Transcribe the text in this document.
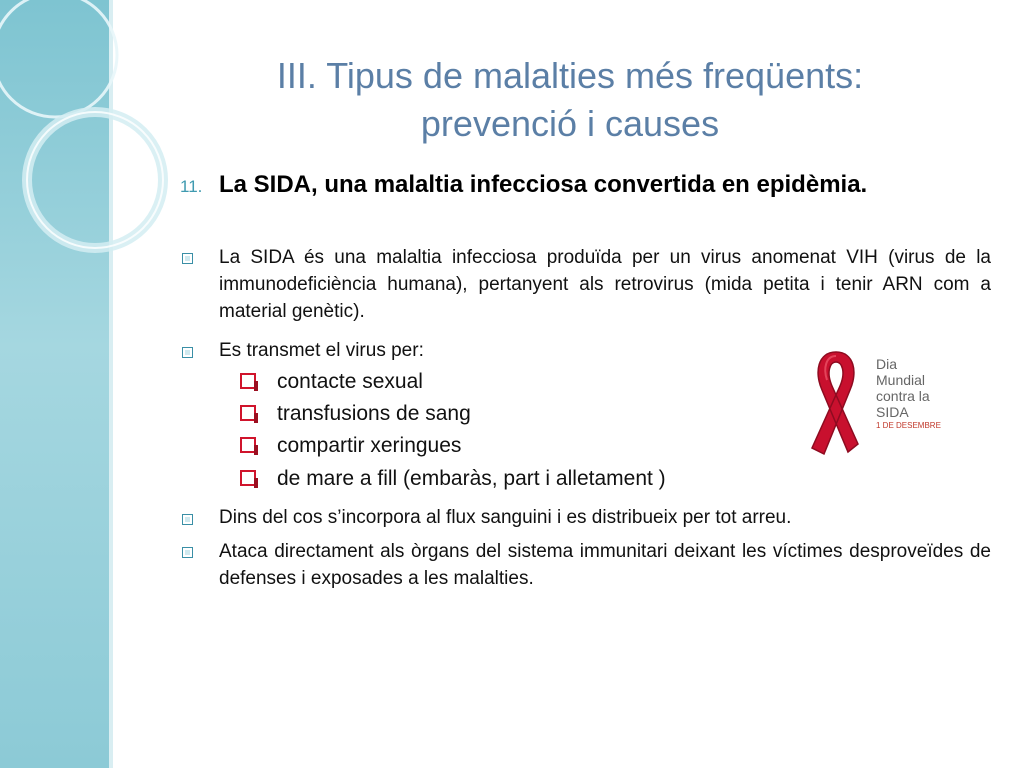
III. Tipus de malalties més freqüents:
prevenció i causes
11. La SIDA, una malaltia infecciosa convertida en epidèmia.
La SIDA és una malaltia infecciosa produïda per un virus anomenat VIH (virus de la immunodeficiència humana), pertanyent als retrovirus (mida petita i tenir ARN com a material genètic).
Es transmet el virus per:
contacte sexual
transfusions de sang
compartir xeringues
de mare a fill (embaràs, part i alletament )
Dins del cos s’incorpora al flux sanguini i es distribueix per tot arreu.
Ataca directament als òrgans del sistema immunitari deixant les víctimes desproveïdes de defenses i exposades a les malalties.
Dia
Mundial
contra la
SIDA
1 DE DESEMBRE
